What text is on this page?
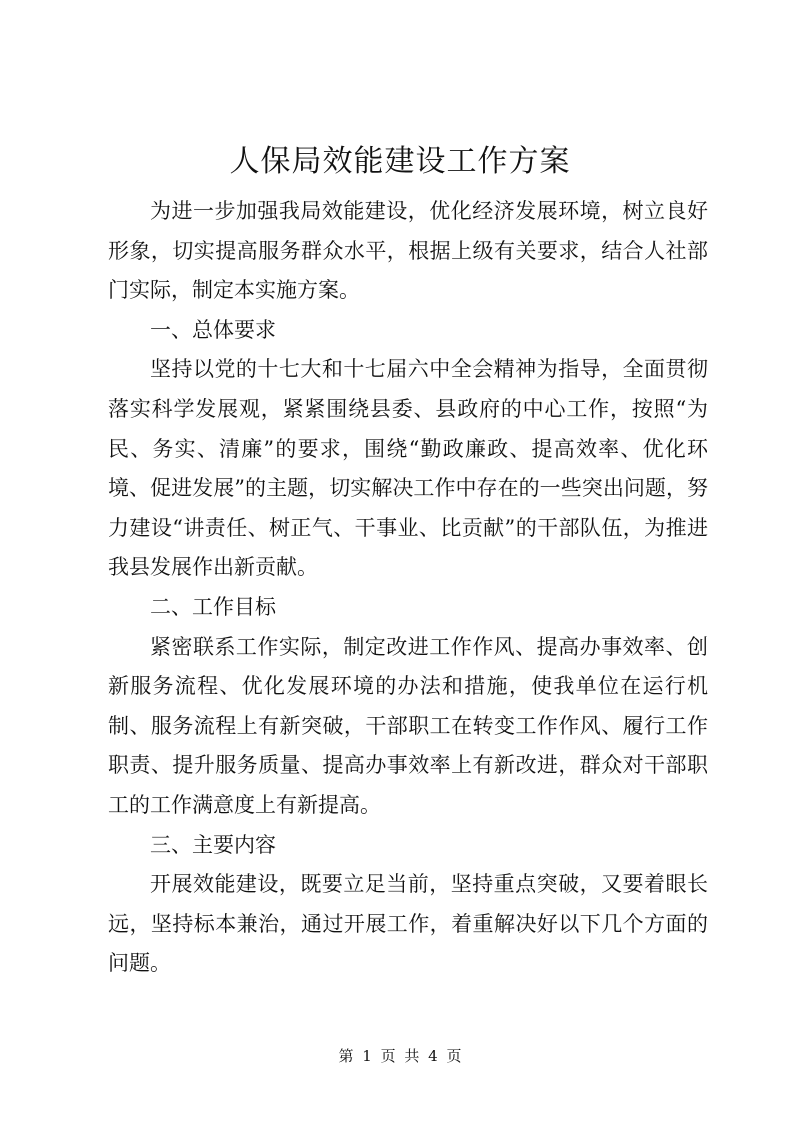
人保局效能建设工作方案

为进一步加强我局效能建设，优化经济发展环境，树立良好形象，切实提高服务群众水平，根据上级有关要求，结合人社部门实际，制定本实施方案。

一、总体要求

坚持以党的十七大和十七届六中全会精神为指导，全面贯彻落实科学发展观，紧紧围绕县委、县政府的中心工作，按照“为民、务实、清廉”的要求，围绕“勤政廉政、提高效率、优化环境、促进发展”的主题，切实解决工作中存在的一些突出问题，努力建设“讲责任、树正气、干事业、比贡献”的干部队伍，为推进我县发展作出新贡献。

二、工作目标

紧密联系工作实际，制定改进工作作风、提高办事效率、创新服务流程、优化发展环境的办法和措施，使我单位在运行机制、服务流程上有新突破，干部职工在转变工作作风、履行工作职责、提升服务质量、提高办事效率上有新改进，群众对干部职工的工作满意度上有新提高。

三、主要内容

开展效能建设，既要立足当前，坚持重点突破，又要着眼长远，坚持标本兼治，通过开展工作，着重解决好以下几个方面的问题。

第 1 页 共 4 页
